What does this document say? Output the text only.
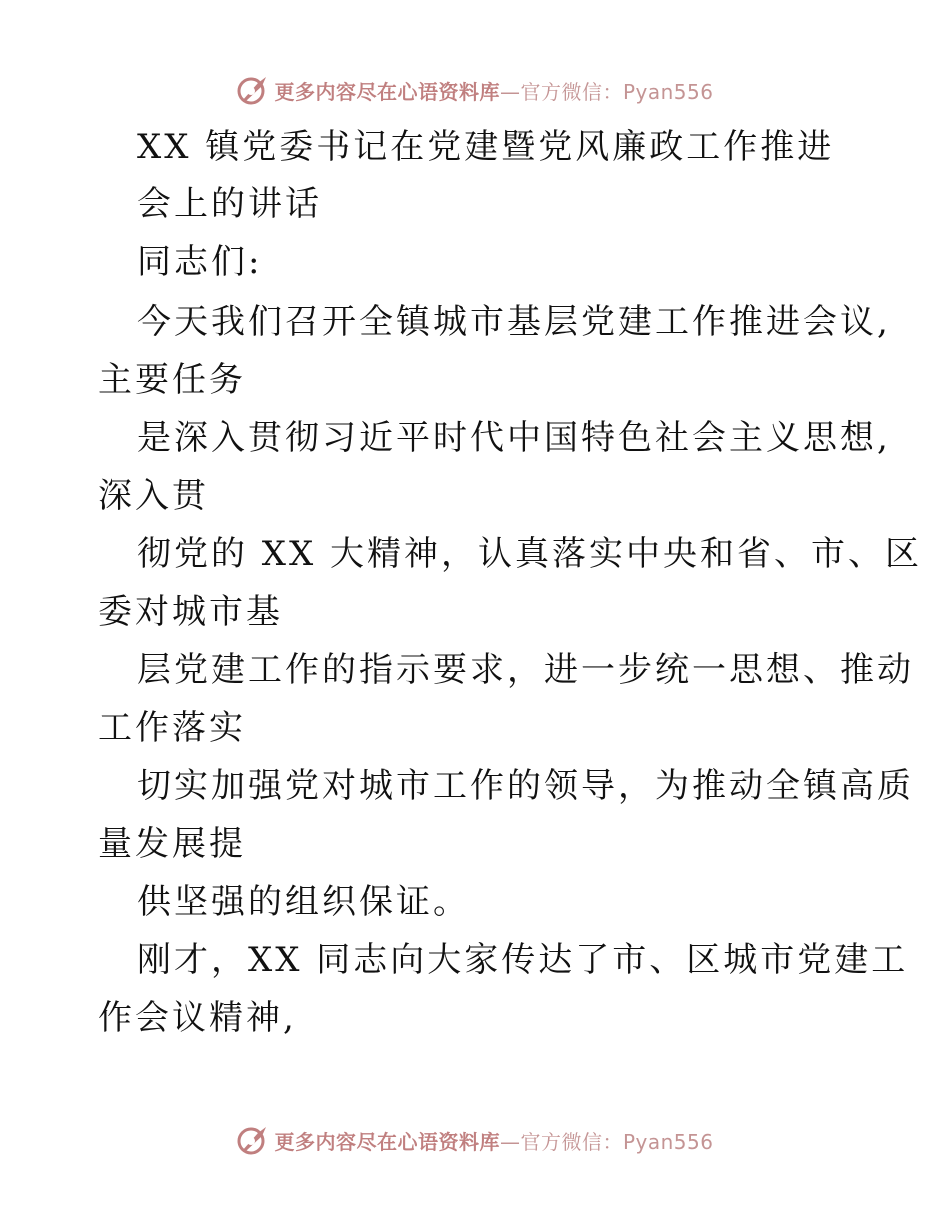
更多内容尽在心语资料库—官方微信：Pyan556
XX 镇党委书记在党建暨党风廉政工作推进
会上的讲话
同志们:
今天我们召开全镇城市基层党建工作推进会议,
主要任务
是深入贯彻习近平时代中国特色社会主义思想,
深入贯
彻党的 XX 大精神，认真落实中央和省、市、区
委对城市基
层党建工作的指示要求，进一步统一思想、推动
工作落实
切实加强党对城市工作的领导，为推动全镇高质
量发展提
供坚强的组织保证。
刚才，XX 同志向大家传达了市、区城市党建工
作会议精神,
更多内容尽在心语资料库—官方微信：Pyan556
